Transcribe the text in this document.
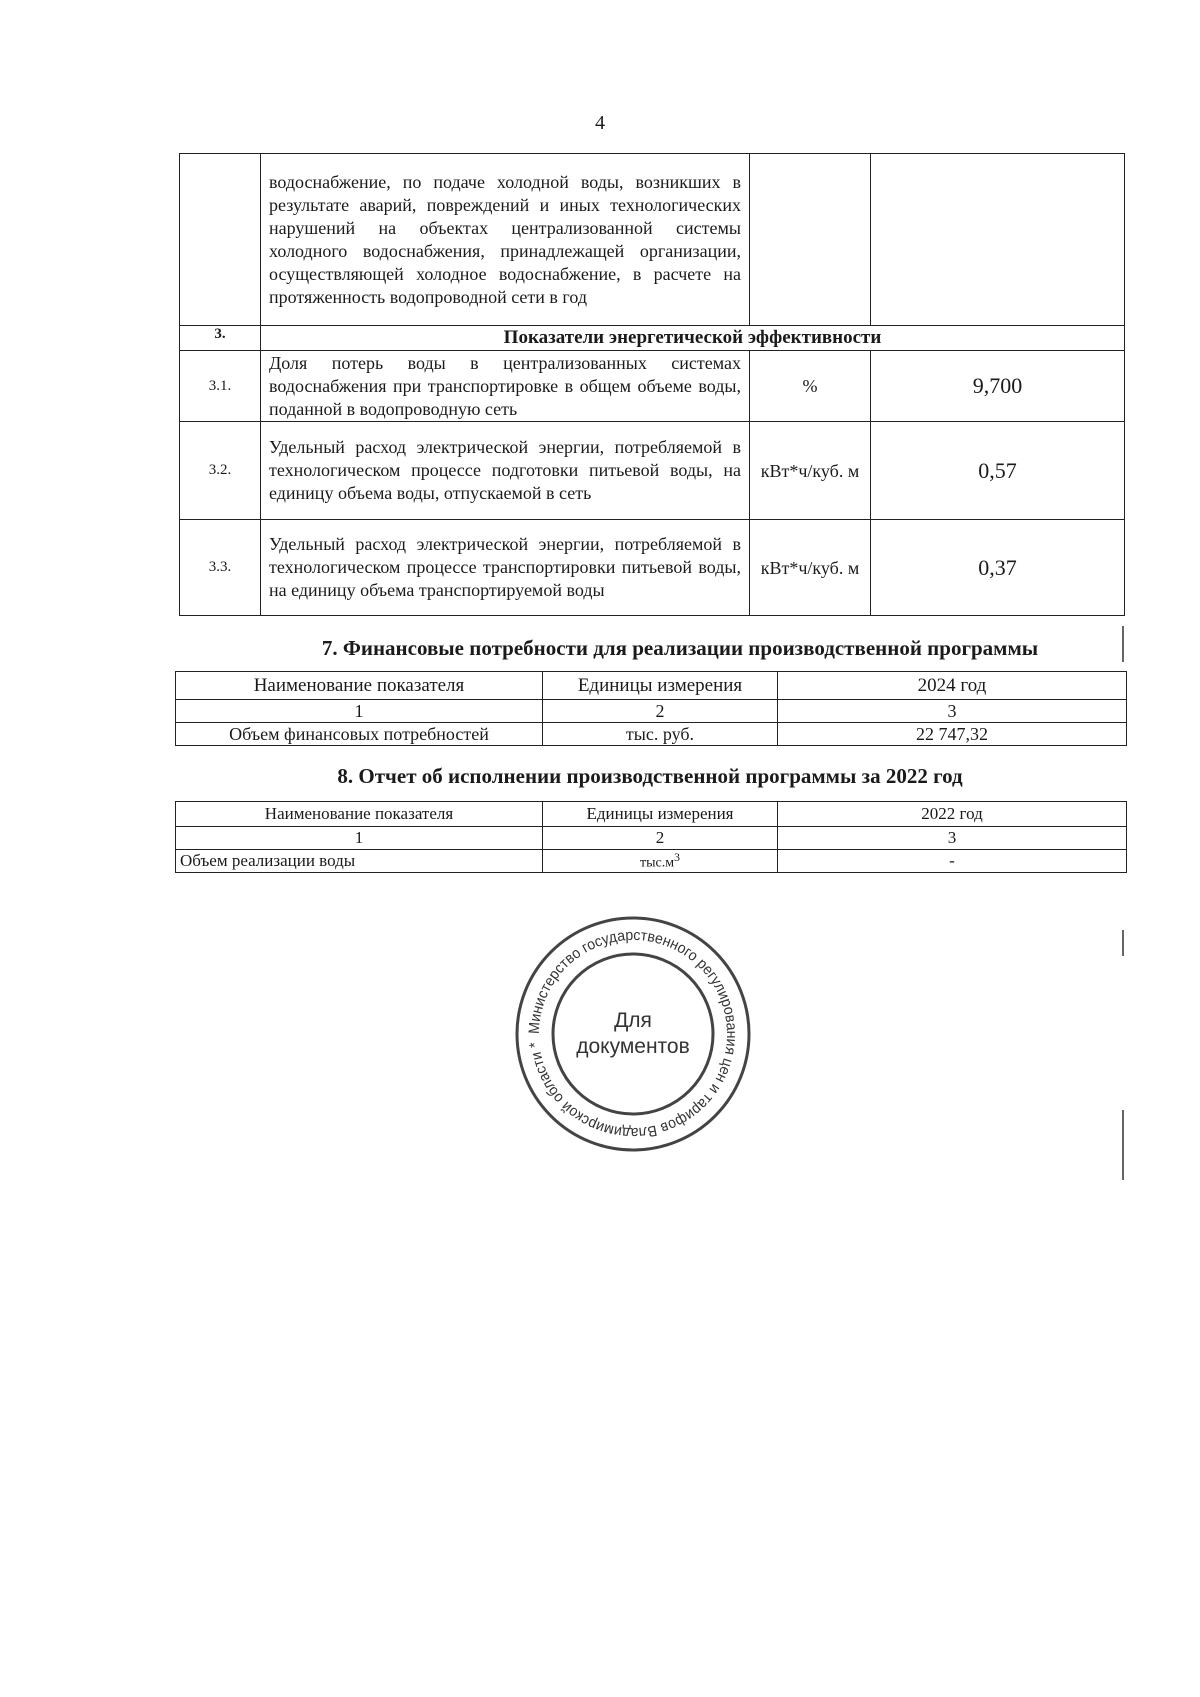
4
	водоснабжение, по подаче холодной воды, возникших в результате аварий, повреждений и иных технологических нарушений на объектах централизованной системы холодного водоснабжения, принадлежащей организации, осуществляющей холодное водоснабжение, в расчете на протяженность водопроводной сети в год		
3.	Показатели энергетической эффективности		
3.1.	Доля потерь воды в централизованных системах водоснабжения при транспортировке в общем объеме воды, поданной в водопроводную сеть	%	9,700
3.2.	Удельный расход электрической энергии, потребляемой в технологическом процессе подготовки питьевой воды, на единицу объема воды, отпускаемой в сеть	кВт*ч/куб. м	0,57
3.3.	Удельный расход электрической энергии, потребляемой в технологическом процессе транспортировки питьевой воды, на единицу объема транспортируемой воды	кВт*ч/куб. м	0,37
7. Финансовые потребности для реализации производственной программы
Наименование показателя	Единицы измерения	2024 год
1	2	3
Объем финансовых потребностей	тыс. руб.	22 747,32
8. Отчет об исполнении производственной программы за 2022 год
Наименование показателя	Единицы измерения	2022 год
1	2	3
Объем реализации воды	$тыс.м^3$	-
Министерство государственного регулирования цен и тарифов Владимирской области *
Для
документов
